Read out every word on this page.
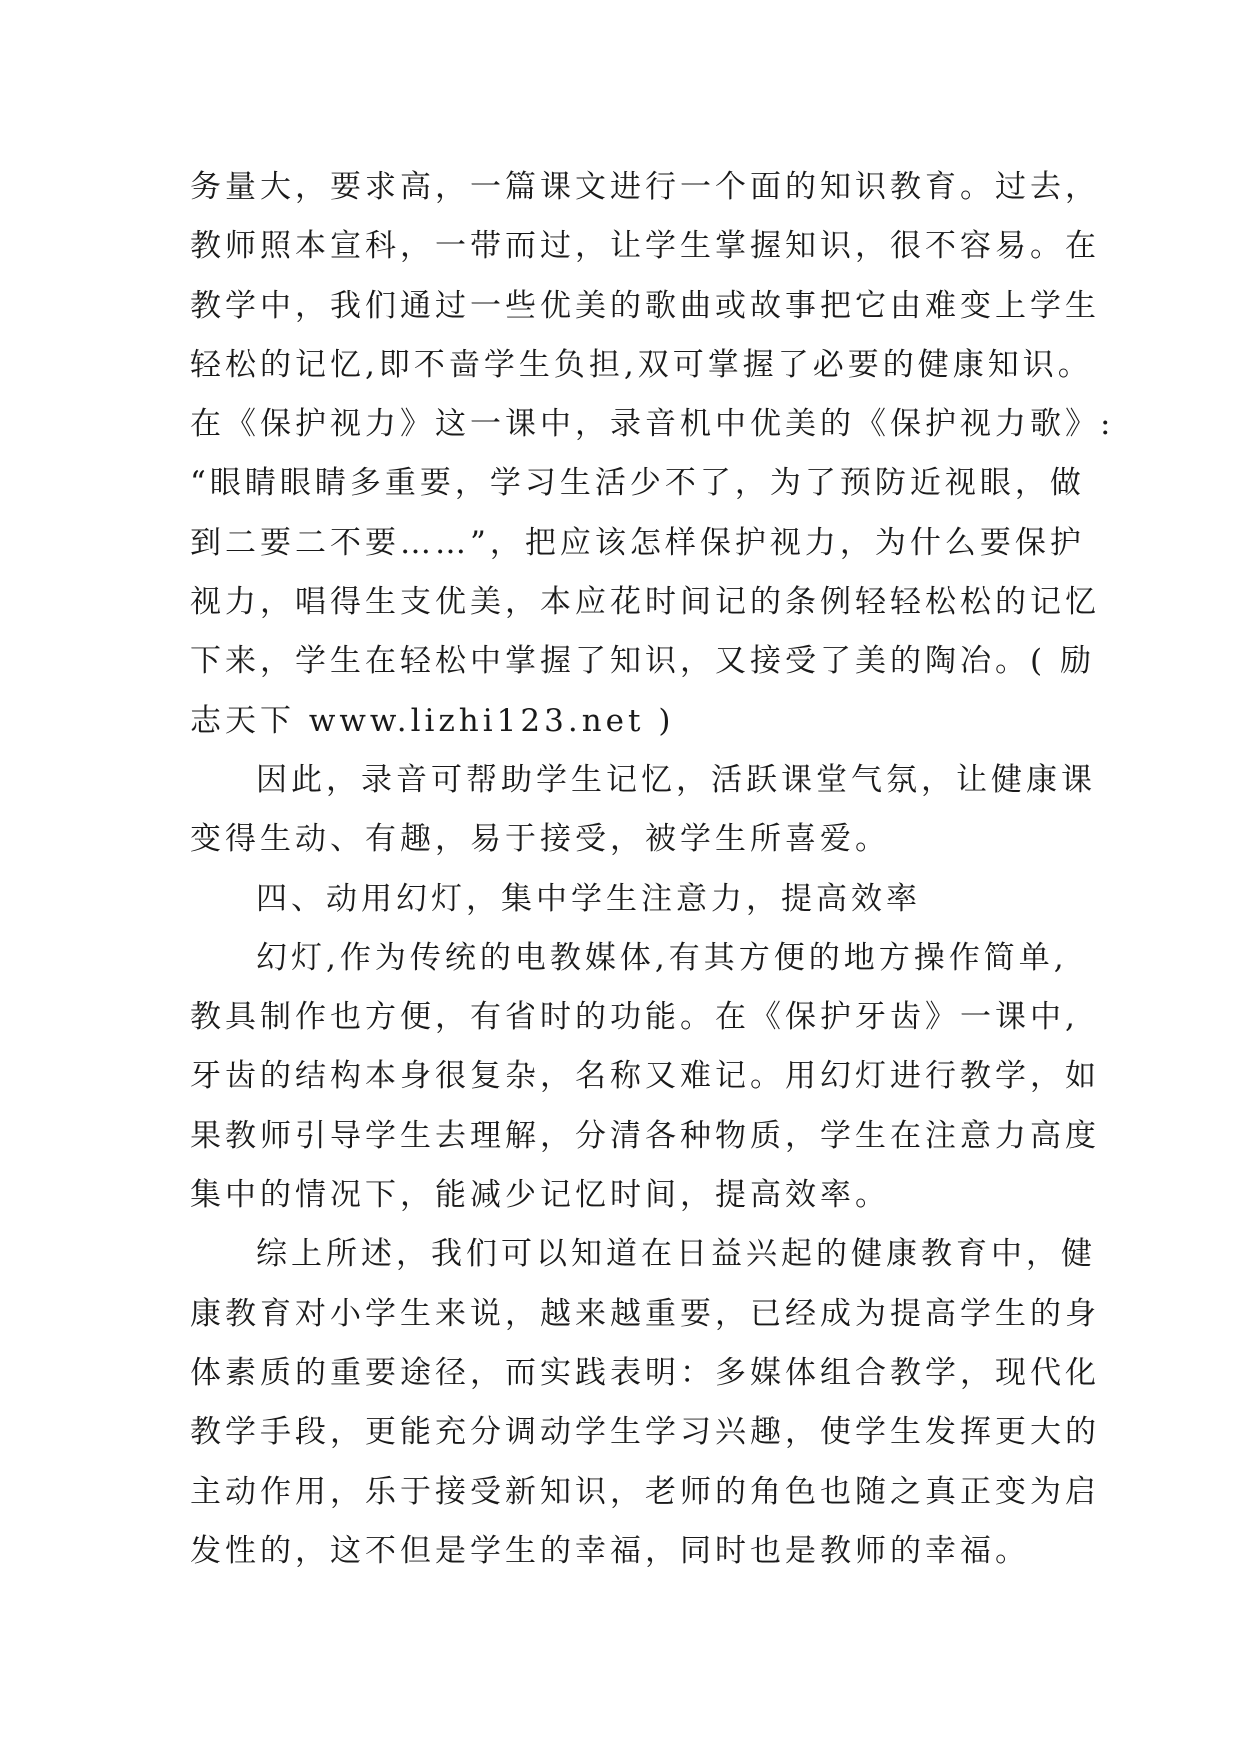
务量大，要求高，一篇课文进行一个面的知识教育。过去，
教师照本宣科，一带而过，让学生掌握知识，很不容易。在
教学中，我们通过一些优美的歌曲或故事把它由难变上学生
轻松的记忆,即不啬学生负担,双可掌握了必要的健康知识。
在《保护视力》这一课中，录音机中优美的《保护视力歌》:
“眼睛眼睛多重要，学习生活少不了，为了预防近视眼，做
到二要二不要……”，把应该怎样保护视力，为什么要保护
视力，唱得生支优美，本应花时间记的条例轻轻松松的记忆
下来，学生在轻松中掌握了知识，又接受了美的陶冶。( 励
志天下 www.lizhi123.net )
因此，录音可帮助学生记忆，活跃课堂气氛，让健康课
变得生动、有趣，易于接受，被学生所喜爱。
四、动用幻灯，集中学生注意力，提高效率
幻灯,作为传统的电教媒体,有其方便的地方操作简单,
教具制作也方便，有省时的功能。在《保护牙齿》一课中,
牙齿的结构本身很复杂，名称又难记。用幻灯进行教学，如
果教师引导学生去理解，分清各种物质，学生在注意力高度
集中的情况下，能减少记忆时间，提高效率。
综上所述，我们可以知道在日益兴起的健康教育中，健
康教育对小学生来说，越来越重要，已经成为提高学生的身
体素质的重要途径，而实践表明：多媒体组合教学，现代化
教学手段，更能充分调动学生学习兴趣，使学生发挥更大的
主动作用，乐于接受新知识，老师的角色也随之真正变为启
发性的，这不但是学生的幸福，同时也是教师的幸福。
